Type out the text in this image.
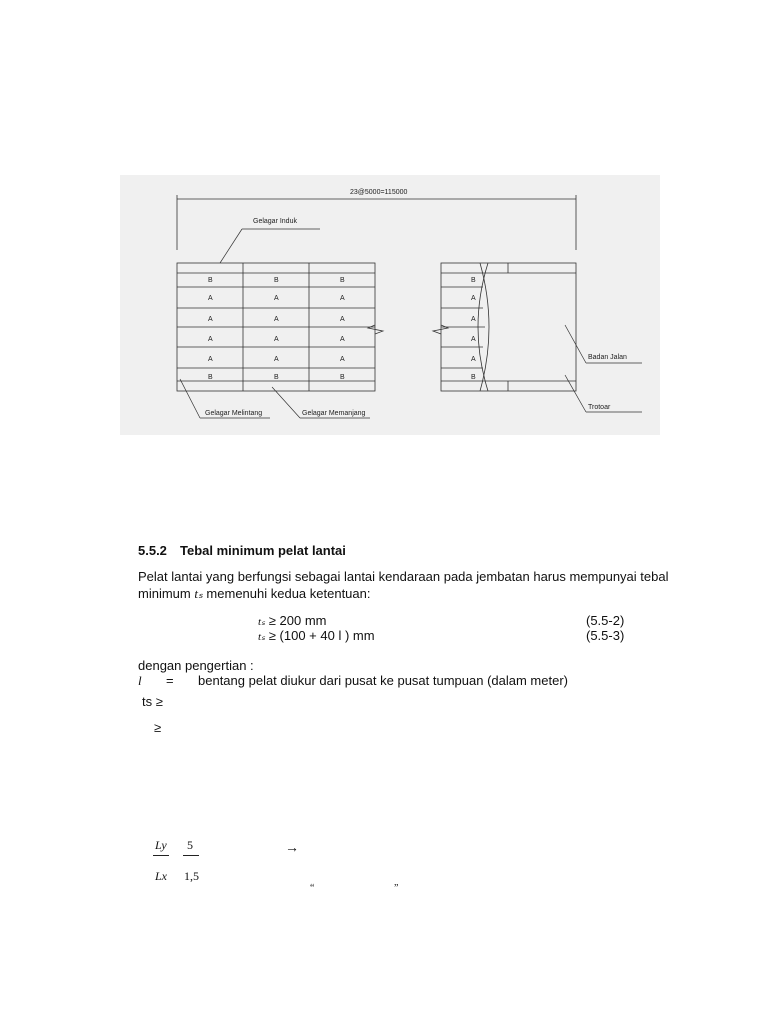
23@5000=115000
B	B	B	B
A	A	A	A
A	A	A	A
A	A	A	A
A	A	A	A
B	B	B	B
Gelagar Induk
Gelagar Melintang	Gelagar Memanjang
Badan Jalan
Trotoar
5.5.2 Tebal minimum pelat lantai
Pelat lantai yang berfungsi sebagai lantai kendaraan pada jembatan harus mempunyai tebal
minimum tₛ memenuhi kedua ketentuan:
tₛ ≥ 200 mm	(5.5-2)
tₛ ≥ (100 + 40 l ) mm	(5.5-3)
dengan pengertian :
l = bentang pelat diukur dari pusat ke pusat tumpuan (dalam meter)
ts ≥
≥
Ly 5	→
Lx 1,5
“	”
